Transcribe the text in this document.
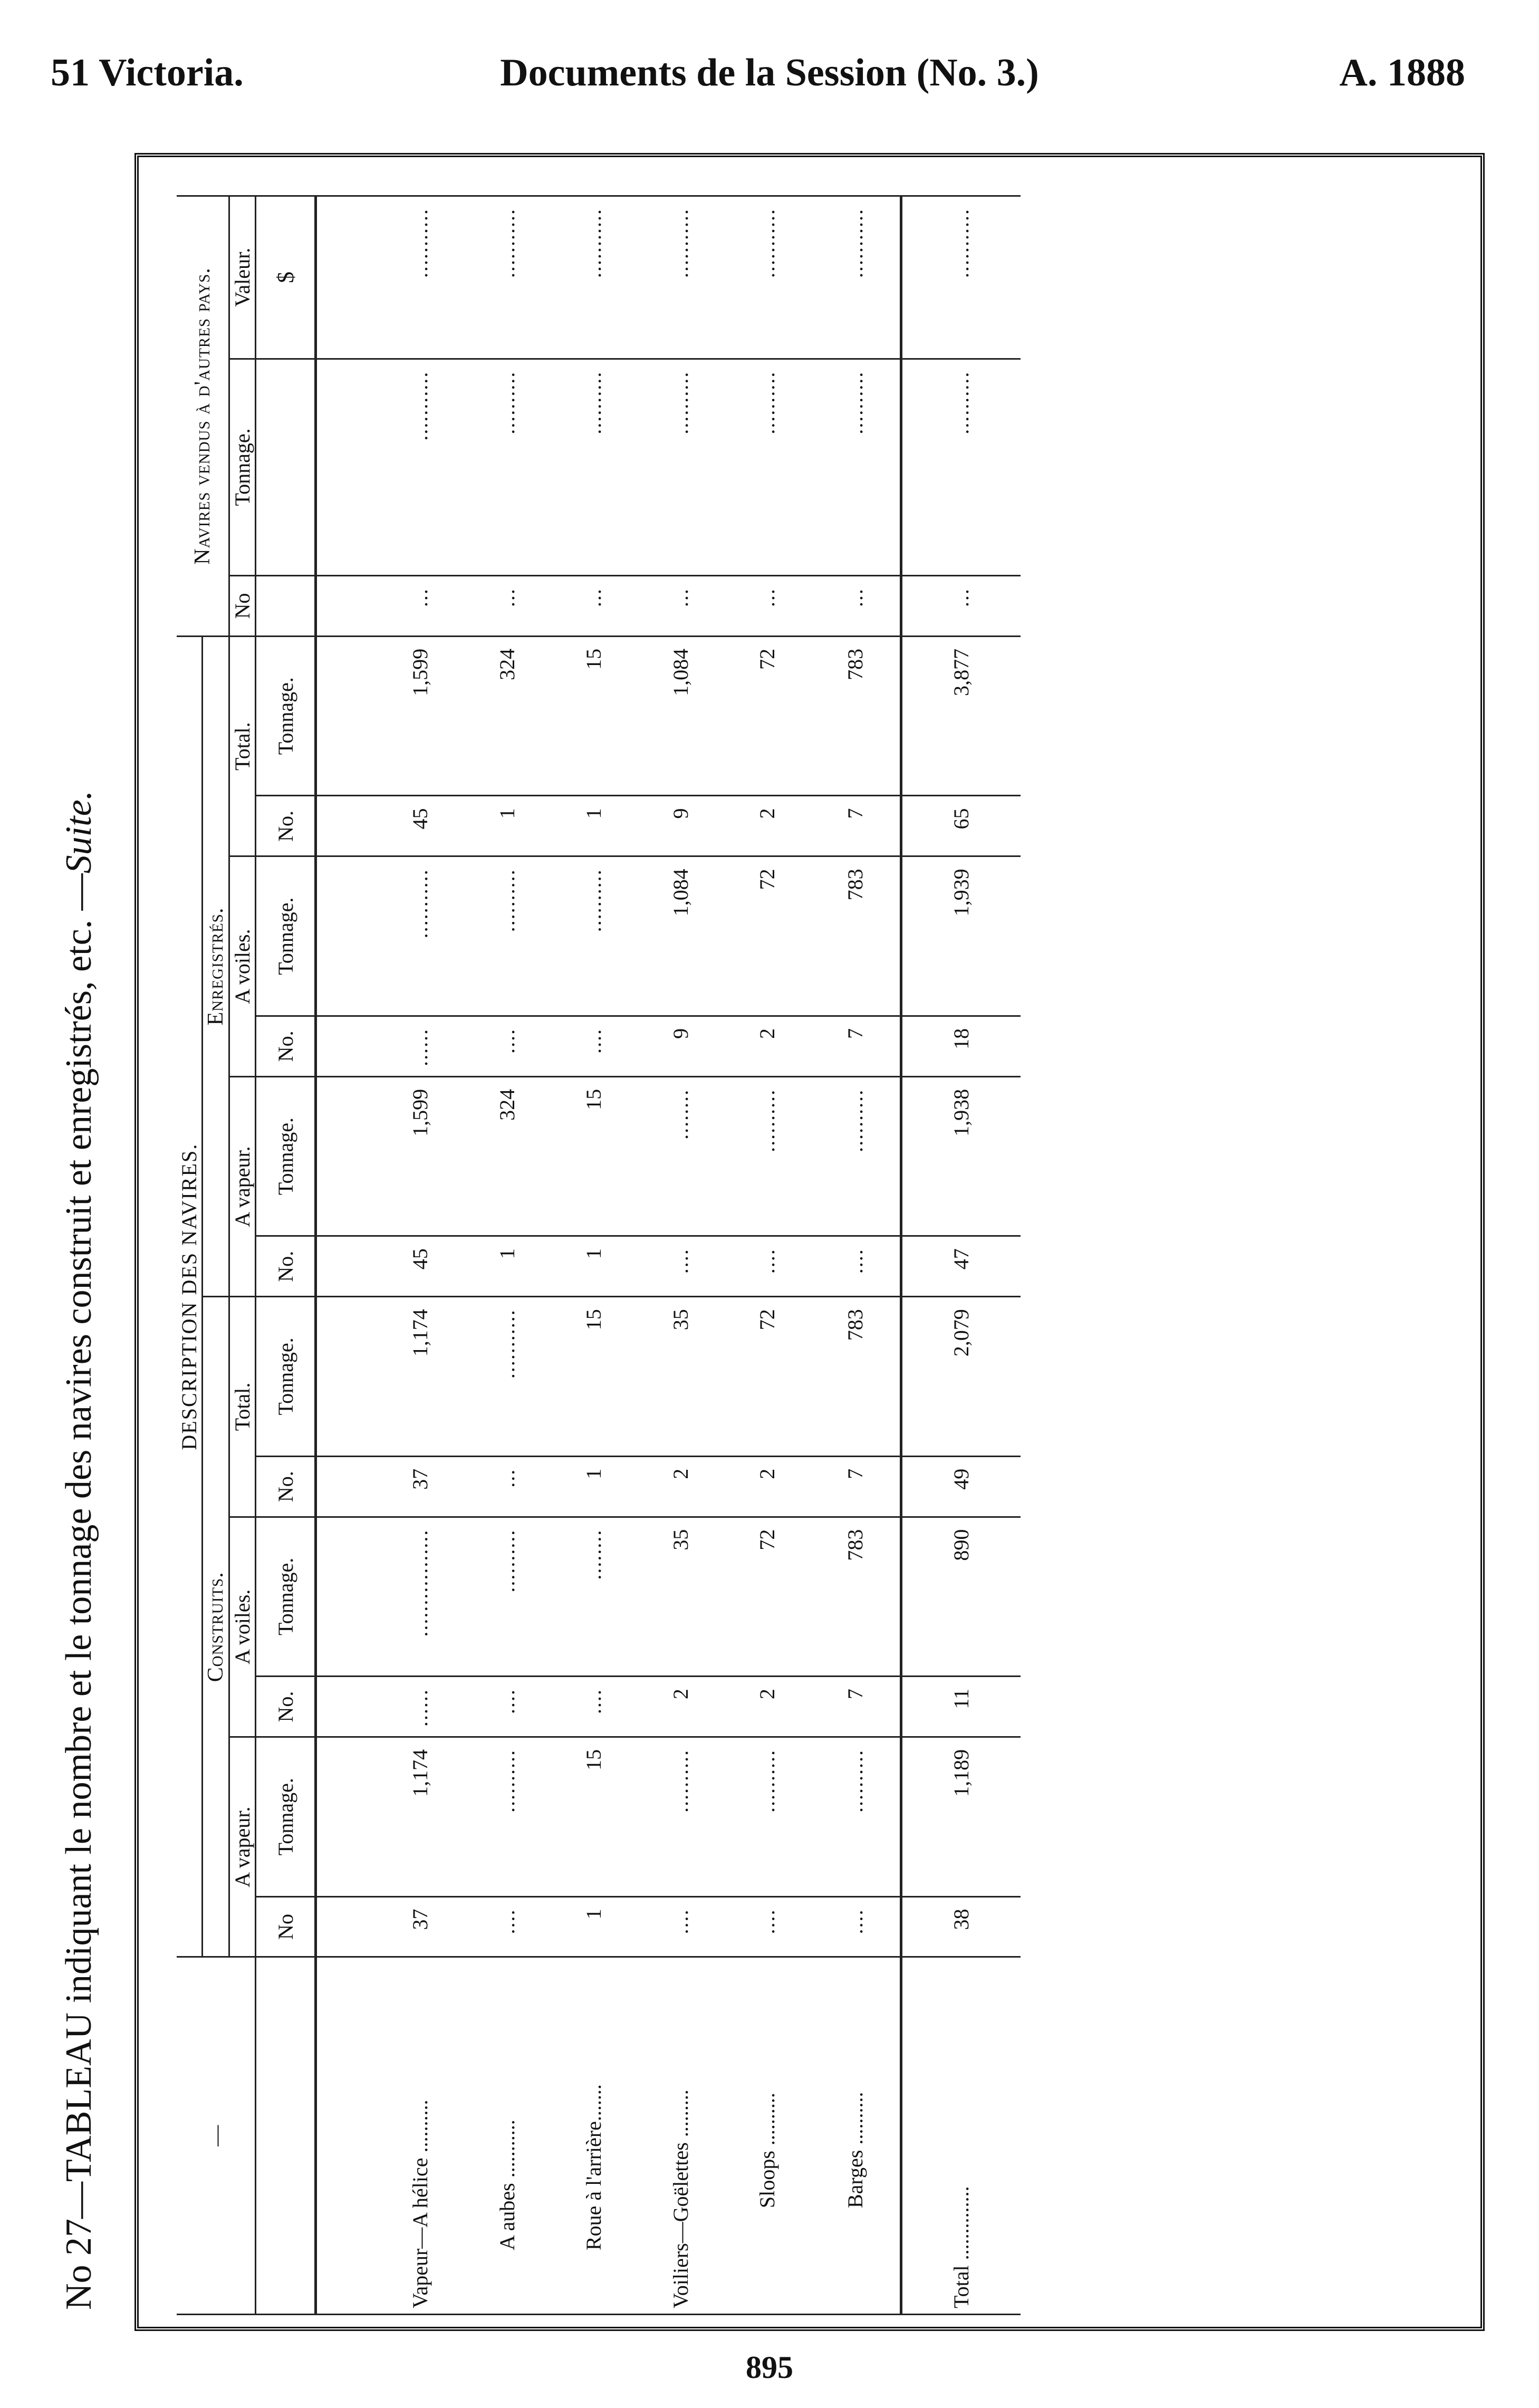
51 Victoria.	Documents de la Session (No. 3.)	A. 1888
No 27—TABLEAU indiquant le nombre et le tonnage des navires construit et enregistrés, etc. —Suite.
—	DESCRIPTION DES NAVIRES.												Navires vendus à d'autres pays.		
	Construits.						Enregistrés.								
	A vapeur.		A voiles.		Total.		A vapeur.		A voiles.		Total.		No	Tonnage.	Valeur.
	No	Tonnage.	No.	Tonnage.	No.	Tonnage.	No.	Tonnage.	No.	Tonnage.	No.	Tonnage.			$

Vapeur—A hélice ..........	37	1,174	......	.................	37	1,174	45	1,599	......	...........	45	1,599	...	...........	...........
A aubes ...........	....	..........	....	..........	...	...........	1	324	....	..........	1	324	...	..........	...........
Roue à l'arrière.......	1	15	....	........	1	15	1	15	....	..........	1	15	...	..........	...........
Voiliers—Goëlettes .........	....	..........	2	35	2	35	....	........	9	1,084	9	1,084	...	..........	...........
Sloops ..........	....	..........	2	72	2	72	....	..........	2	72	2	72	...	..........	...........
Barges ..........	....	..........	7	783	7	783	....	..........	7	783	7	783	...	..........	...........
Total ..............	38	1,189	11	890	49	2,079	47	1,938	18	1,939	65	3,877	...	..........	...........
895
